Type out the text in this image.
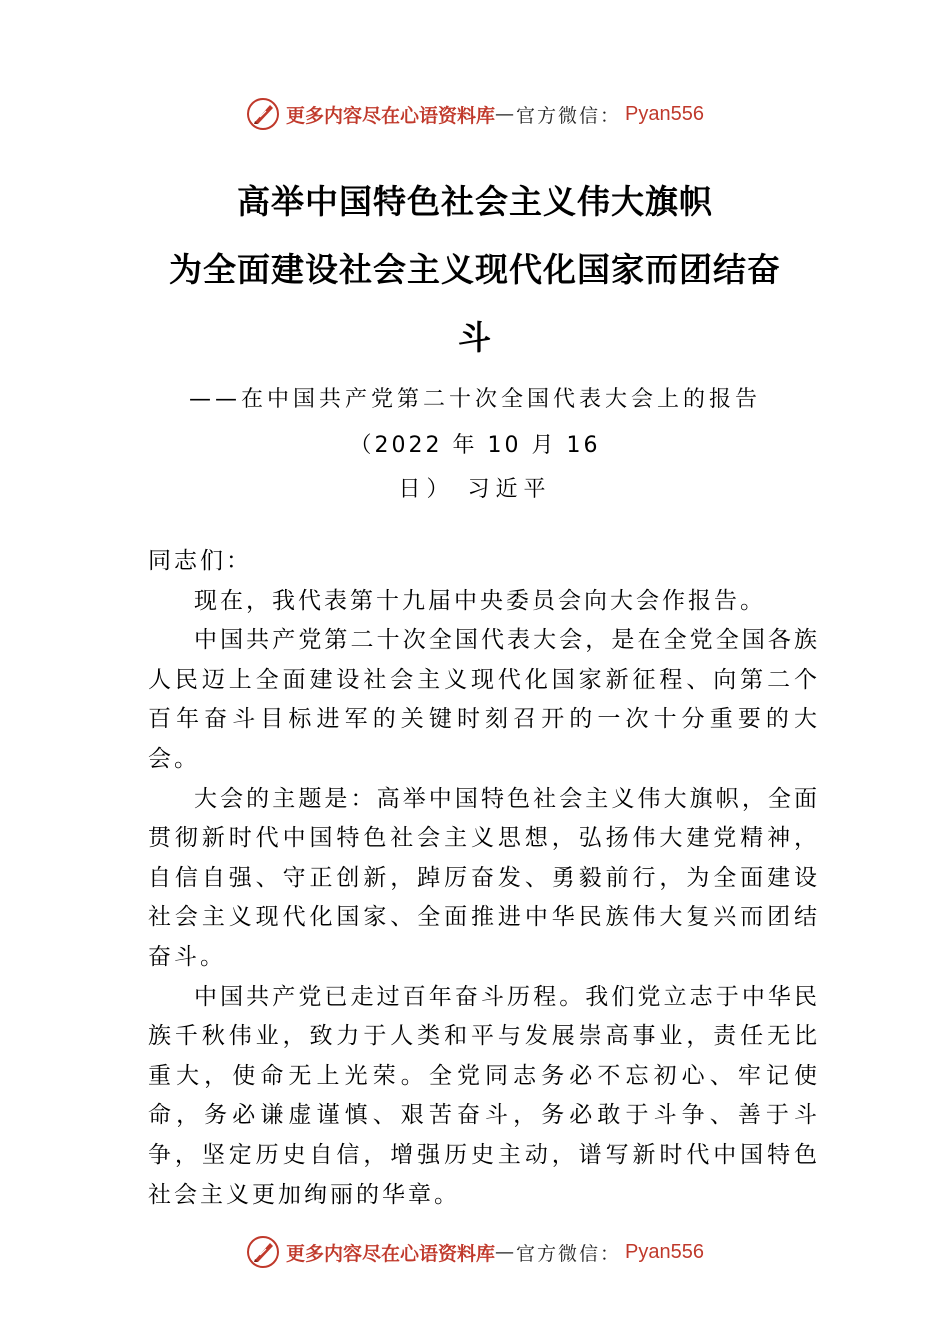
更多内容尽在心语资料库 — 官方微信： Pyan556
高举中国特色社会主义伟大旗帜
为全面建设社会主义现代化国家而团结奋
斗
——在中国共产党第二十次全国代表大会上的报告
（2022 年 10 月 16
日） 习近平

同志们：

现在，我代表第十九届中央委员会向大会作报告。

中国共产党第二十次全国代表大会，是在全党全国各族人民迈上全面建设社会主义现代化国家新征程、向第二个百年奋斗目标进军的关键时刻召开的一次十分重要的大会。

大会的主题是：高举中国特色社会主义伟大旗帜，全面贯彻新时代中国特色社会主义思想，弘扬伟大建党精神，自信自强、守正创新，踔厉奋发、勇毅前行，为全面建设社会主义现代化国家、全面推进中华民族伟大复兴而团结奋斗。

中国共产党已走过百年奋斗历程。我们党立志于中华民族千秋伟业，致力于人类和平与发展崇高事业，责任无比重大，使命无上光荣。全党同志务必不忘初心、牢记使命，务必谦虚谨慎、艰苦奋斗，务必敢于斗争、善于斗争，坚定历史自信，增强历史主动，谱写新时代中国特色社会主义更加绚丽的华章。

更多内容尽在心语资料库 — 官方微信： Pyan556
